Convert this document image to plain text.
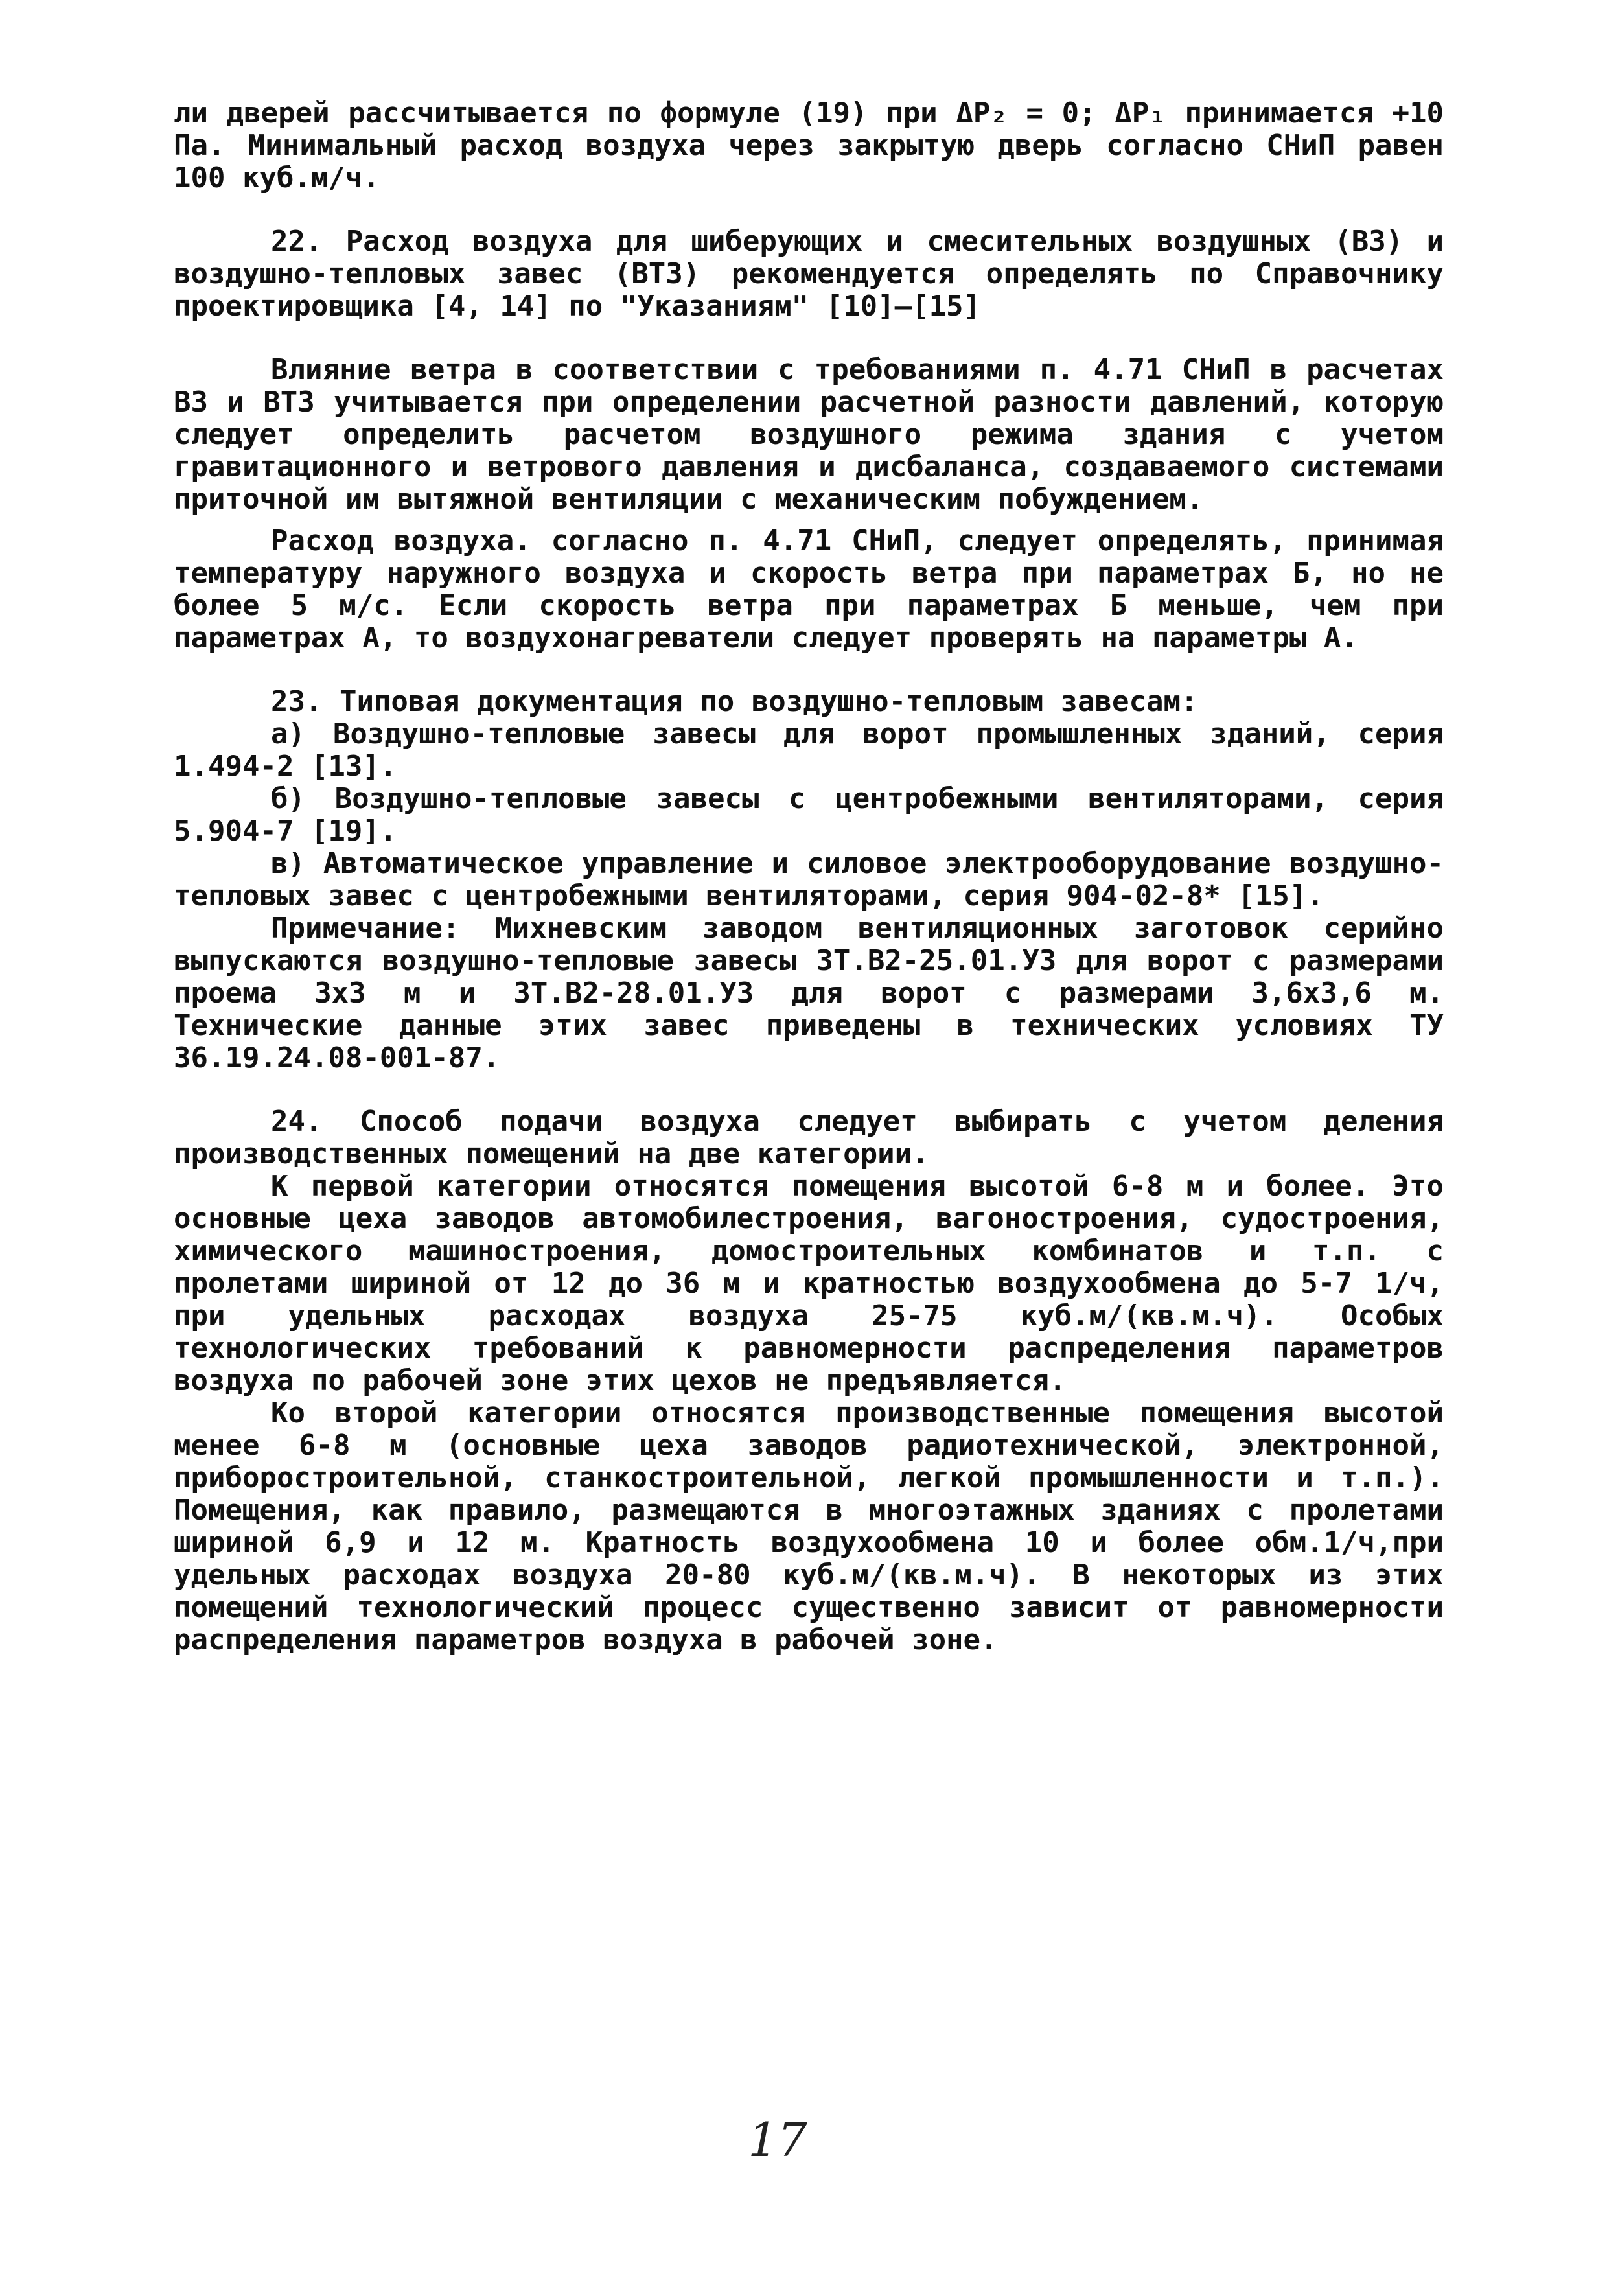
ли дверей рассчитывается по формуле (19) при ΔP₂ = 0; ΔP₁ принимается +10 Па. Минимальный расход воздуха через закрытую дверь согласно СНиП равен 100 куб.м/ч.

22. Расход воздуха для шиберующих и смесительных воздушных (ВЗ) и воздушно-тепловых завес (ВТЗ) рекомендуется определять по Справочнику проектировщика [4, 14] по "Указаниям" [10]–[15]

Влияние ветра в соответствии с требованиями п. 4.71 СНиП в расчетах ВЗ и ВТЗ учитывается при определении расчетной разности давлений, которую следует определить расчетом воздушного режима здания с учетом гравитационного и ветрового давления и дисбаланса, создаваемого системами приточной им вытяжной вентиляции с механическим побуждением.

Расход воздуха. согласно п. 4.71 СНиП, следует определять, принимая температуру наружного воздуха и скорость ветра при параметрах Б, но не более 5 м/с. Если скорость ветра при параметрах Б меньше, чем при параметрах А, то воздухонагреватели следует проверять на параметры А.

23. Типовая документация по воздушно-тепловым завесам:

а) Воздушно-тепловые завесы для ворот промышленных зданий, серия 1.494-2 [13].

б) Воздушно-тепловые завесы с центробежными вентиляторами, серия 5.904-7 [19].

в) Автоматическое управление и силовое электрооборудование воздушно-тепловых завес с центробежными вентиляторами, серия 904-02-8* [15].

Примечание: Михневским заводом вентиляционных заготовок серийно выпускаются воздушно-тепловые завесы ЗТ.В2-25.01.УЗ для ворот с размерами проема 3х3 м и ЗТ.В2-28.01.УЗ для ворот с размерами 3,6х3,6 м. Технические данные этих завес приведены в технических условиях ТУ 36.19.24.08-001-87.

24. Способ подачи воздуха следует выбирать с учетом деления производственных помещений на две категории.

К первой категории относятся помещения высотой 6-8 м и более. Это основные цеха заводов автомобилестроения, вагоностроения, судостроения, химического машиностроения, домостроительных комбинатов и т.п. с пролетами шириной от 12 до 36 м и кратностью воздухообмена до 5-7 1/ч, при удельных расходах воздуха 25-75 куб.м/(кв.м.ч). Особых технологических требований к равномерности распределения параметров воздуха по рабочей зоне этих цехов не предъявляется.

Ко второй категории относятся производственные помещения высотой менее 6-8 м (основные цеха заводов радиотехнической, электронной, приборостроительной, станкостроительной, легкой промышленности и т.п.). Помещения, как правило, размещаются в многоэтажных зданиях с пролетами шириной 6,9 и 12 м. Кратность воздухообмена 10 и более обм.1/ч,при удельных расходах воздуха 20-80 куб.м/(кв.м.ч). В некоторых из этих помещений технологический процесс существенно зависит от равномерности распределения параметров воздуха в рабочей зоне.

17
